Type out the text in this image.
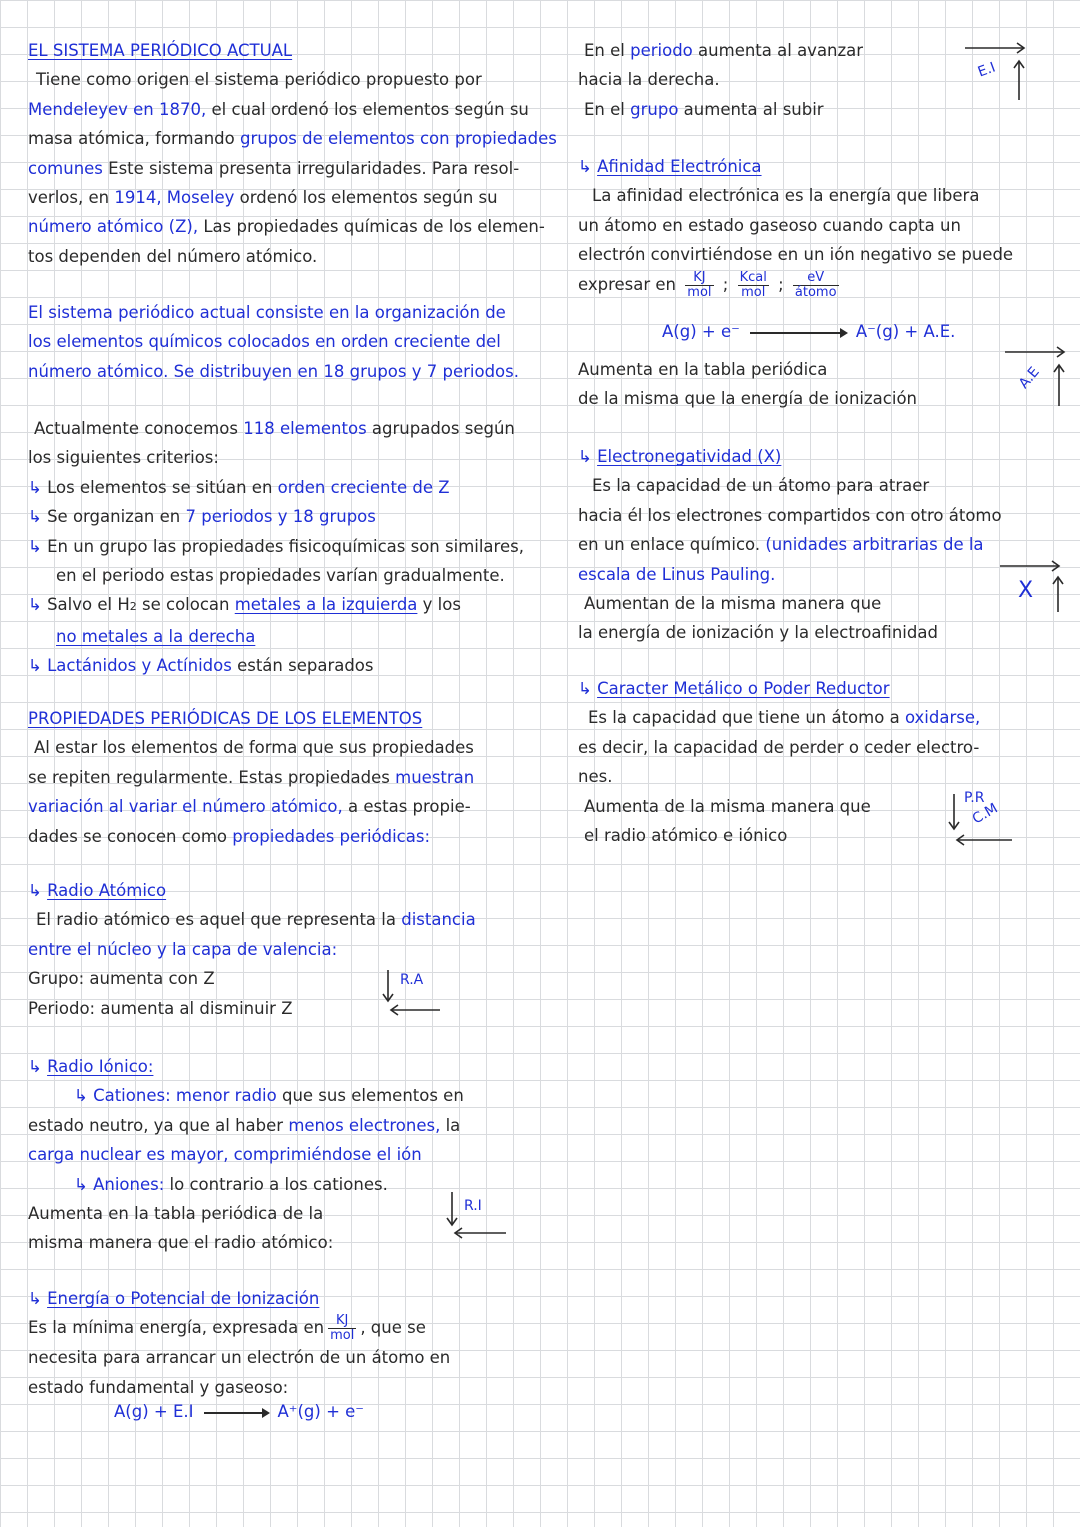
EL SISTEMA PERIÓDICO ACTUAL
Tiene como origen el sistema periódico propuesto por
Mendeleyev en 1870, el cual ordenó los elementos según su
masa atómica, formando grupos de elementos con propiedades
comunes Este sistema presenta irregularidades. Para resol-
verlos, en 1914, Moseley ordenó los elementos según su
número atómico (Z), Las propiedades químicas de los elemen-
tos dependen del número atómico.
El sistema periódico actual consiste en la organización de
los elementos químicos colocados en orden creciente del
número atómico. Se distribuyen en 18 grupos y 7 periodos.
Actualmente conocemos 118 elementos agrupados según
los siguientes criterios:
↳ Los elementos se sitúan en orden creciente de Z
↳ Se organizan en 7 periodos y 18 grupos
↳ En un grupo las propiedades fisicoquímicas son similares,
en el periodo estas propiedades varían gradualmente.
↳ Salvo el H2 se colocan metales a la izquierda y los
no metales a la derecha
↳ Lactánidos y Actínidos están separados
PROPIEDADES PERIÓDICAS DE LOS ELEMENTOS
Al estar los elementos de forma que sus propiedades
se repiten regularmente. Estas propiedades muestran
variación al variar el número atómico, a estas propie-
dades se conocen como propiedades periódicas:
↳ Radio Atómico
El radio atómico es aquel que representa la distancia
entre el núcleo y la capa de valencia:
Grupo: aumenta con Z
Periodo: aumenta al disminuir Z
R.A
↳ Radio Iónico:
↳ Cationes: menor radio que sus elementos en
estado neutro, ya que al haber menos electrones, la
carga nuclear es mayor, comprimiéndose el ión
↳ Aniones: lo contrario a los cationes.
Aumenta en la tabla periódica de la
misma manera que el radio atómico:
R.I
↳ Energía o Potencial de Ionización
Es la mínima energía, expresada en $\frac{KJ}{\text{mol}}$ , que se
necesita para arrancar un electrón de un átomo en
estado fundamental y gaseoso:
A(g) + E.I → A⁺(g) + e⁻
En el periodo aumenta al avanzar
hacia la derecha.
En el grupo aumenta al subir
E.I
↳ Afinidad Electrónica
La afinidad electrónica es la energía que libera
un átomo en estado gaseoso cuando capta un
electrón convirtiéndose en un ión negativo se puede
expresar en $\frac{KJ}{\text{mol}}$ ; $\frac{\text{Kcal}}{\text{mol}}$ ; $\frac{eV}{\text{átomo}}$
A(g) + e⁻	A⁻(g) + A.E.
Aumenta en la tabla periódica
de la misma que la energía de ionización
A.E
↳ Electronegatividad (X)
Es la capacidad de un átomo para atraer
hacia él los electrones compartidos con otro átomo
en un enlace químico. (unidades arbitrarias de la
escala de Linus Pauling.
Aumentan de la misma manera que
la energía de ionización y la electroafinidad
X
↳ Caracter Metálico o Poder Reductor
Es la capacidad que tiene un átomo a oxidarse,
es decir, la capacidad de perder o ceder electro-
nes.
Aumenta de la misma manera que
el radio atómico e iónico
P.R
C.M
